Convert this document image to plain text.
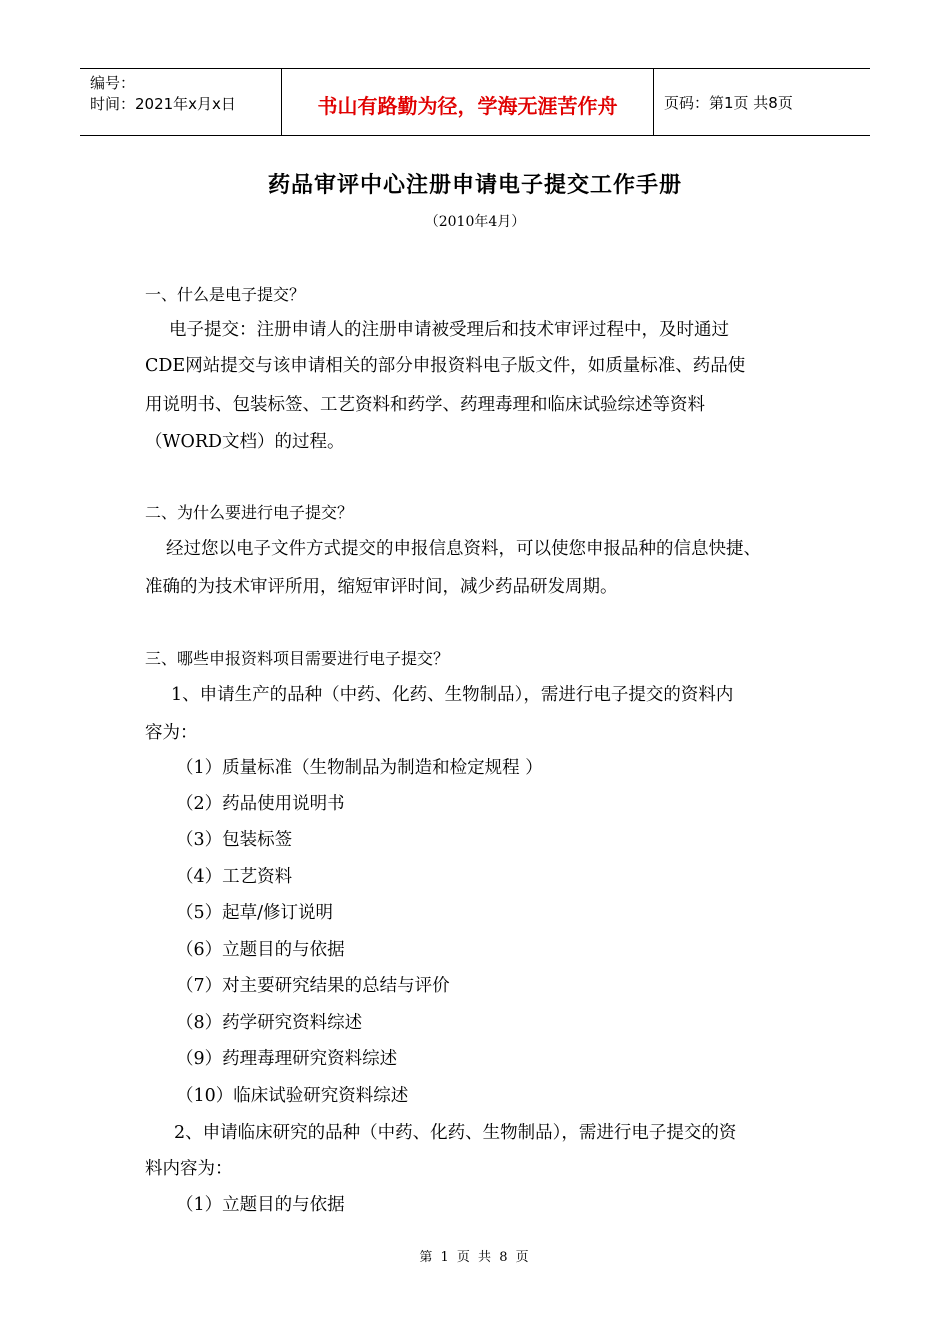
编号：
时间：2021年x月x日	书山有路勤为径，学海无涯苦作舟	页码：第1页 共8页
药品审评中心注册申请电子提交工作手册
（2010年4月）
一、什么是电子提交？
电子提交：注册申请人的注册申请被受理后和技术审评过程中，及时通过
CDE网站提交与该申请相关的部分申报资料电子版文件，如质量标准、药品使
用说明书、包装标签、工艺资料和药学、药理毒理和临床试验综述等资料
（WORD文档）的过程。
二、为什么要进行电子提交？
经过您以电子文件方式提交的申报信息资料，可以使您申报品种的信息快捷、
准确的为技术审评所用，缩短审评时间，减少药品研发周期。
三、哪些申报资料项目需要进行电子提交？
1、申请生产的品种（中药、化药、生物制品），需进行电子提交的资料内
容为：
（1）质量标准（生物制品为制造和检定规程 ）
（2）药品使用说明书
（3）包装标签
（4）工艺资料
（5）起草/修订说明
（6）立题目的与依据
（7）对主要研究结果的总结与评价
（8）药学研究资料综述
（9）药理毒理研究资料综述
（10）临床试验研究资料综述
2、申请临床研究的品种（中药、化药、生物制品），需进行电子提交的资
料内容为：
（1）立题目的与依据
第 1 页 共 8 页
